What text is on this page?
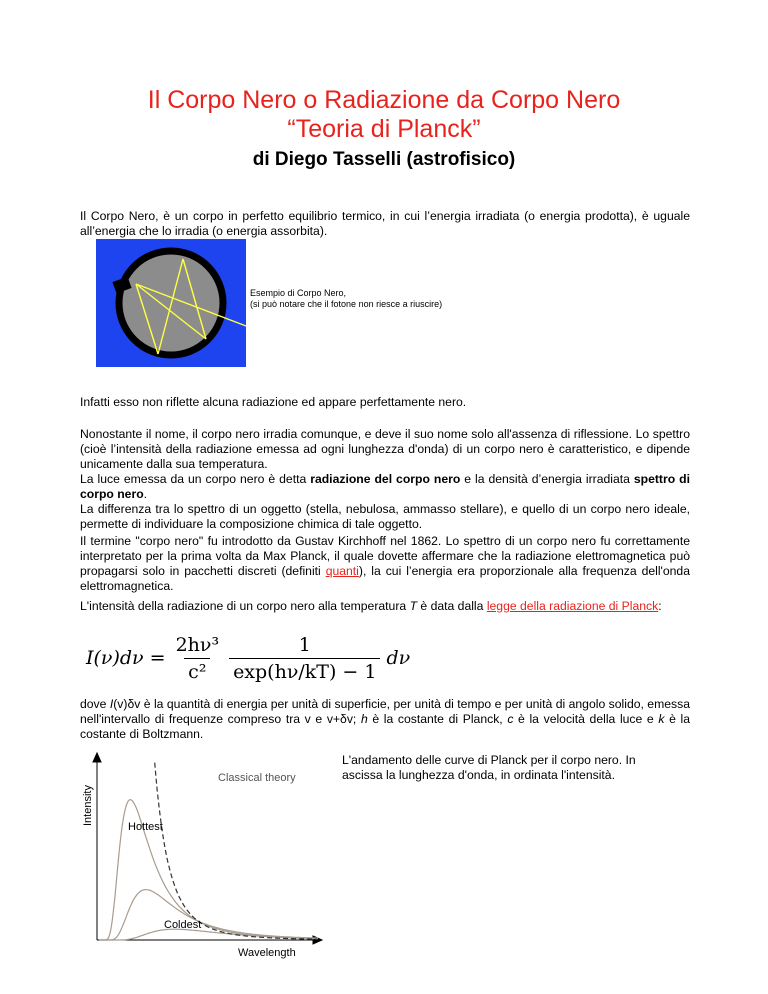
Il Corpo Nero o Radiazione da Corpo Nero
“Teoria di Planck”
di Diego Tasselli (astrofisico)

Il Corpo Nero, è un corpo in perfetto equilibrio termico, in cui l’energia irradiata (o energia prodotta), è uguale all’energia che lo irradia (o energia assorbita).

Esempio di Corpo Nero,
(si può notare che il fotone non riesce a riuscire)

Infatti esso non riflette alcuna radiazione ed appare perfettamente nero.

Nonostante il nome, il corpo nero irradia comunque, e deve il suo nome solo all'assenza di riflessione. Lo spettro (cioè l’intensità della radiazione emessa ad ogni lunghezza d'onda) di un corpo nero è caratteristico, e dipende unicamente dalla sua temperatura.

La luce emessa da un corpo nero è detta radiazione del corpo nero e la densità d’energia irradiata spettro di corpo nero.

La differenza tra lo spettro di un oggetto (stella, nebulosa, ammasso stellare), e quello di un corpo nero ideale, permette di individuare la composizione chimica di tale oggetto.

Il termine "corpo nero" fu introdotto da Gustav Kirchhoff nel 1862. Lo spettro di un corpo nero fu correttamente interpretato per la prima volta da Max Planck, il quale dovette affermare che la radiazione elettromagnetica può propagarsi solo in pacchetti discreti (definiti quanti), la cui l’energia era proporzionale alla frequenza dell'onda elettromagnetica.

L'intensità della radiazione di un corpo nero alla temperatura T è data dalla legge della radiazione di Planck:

$I(\nu)d\nu = \frac{\text{2hν³}}{\text{c²}} \frac{1}{\exp(h\nu/kT) - 1}$ dν

dove I(v)δv è la quantità di energia per unità di superficie, per unità di tempo e per unità di angolo solido, emessa nell'intervallo di frequenze compreso tra v e v+δv; h è la costante di Planck, c è la velocità della luce e k è la costante di Boltzmann.

L'andamento delle curve di Planck per il corpo nero. In ascissa la lunghezza d'onda, in ordinata l'intensità.
Classical theory
Hottest
Coldest
Wavelength
Intensity
